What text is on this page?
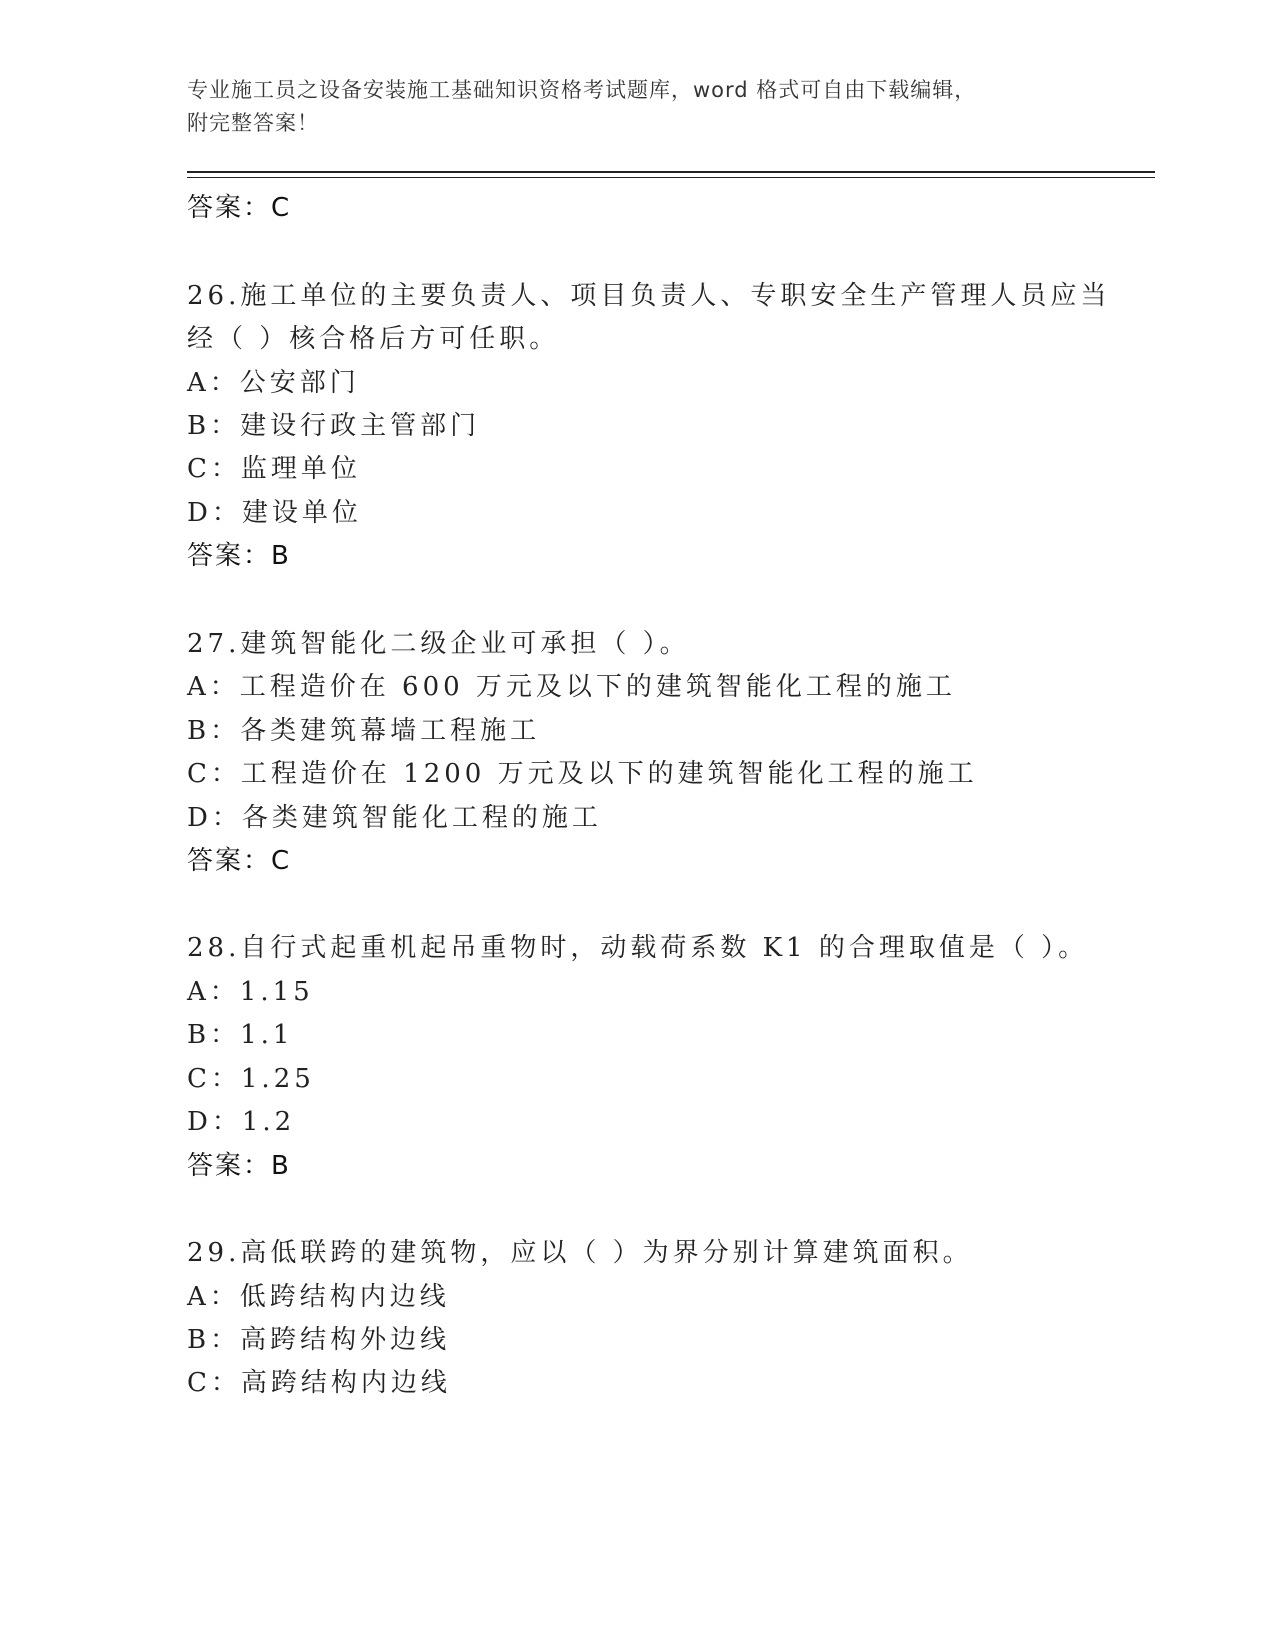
专业施工员之设备安装施工基础知识资格考试题库，word 格式可自由下载编辑，
附完整答案！
答案：C
26.施工单位的主要负责人、项目负责人、专职安全生产管理人员应当
经（ ）核合格后方可任职。
A：公安部门
B：建设行政主管部门
C：监理单位
D：建设单位
答案：B
27.建筑智能化二级企业可承担（ ）。
A：工程造价在 600 万元及以下的建筑智能化工程的施工
B：各类建筑幕墙工程施工
C：工程造价在 1200 万元及以下的建筑智能化工程的施工
D：各类建筑智能化工程的施工
答案：C
28.自行式起重机起吊重物时，动载荷系数 K1 的合理取值是（ ）。
A：1.15
B：1.1
C：1.25
D：1.2
答案：B
29.高低联跨的建筑物，应以（ ）为界分别计算建筑面积。
A：低跨结构内边线
B：高跨结构外边线
C：高跨结构内边线
